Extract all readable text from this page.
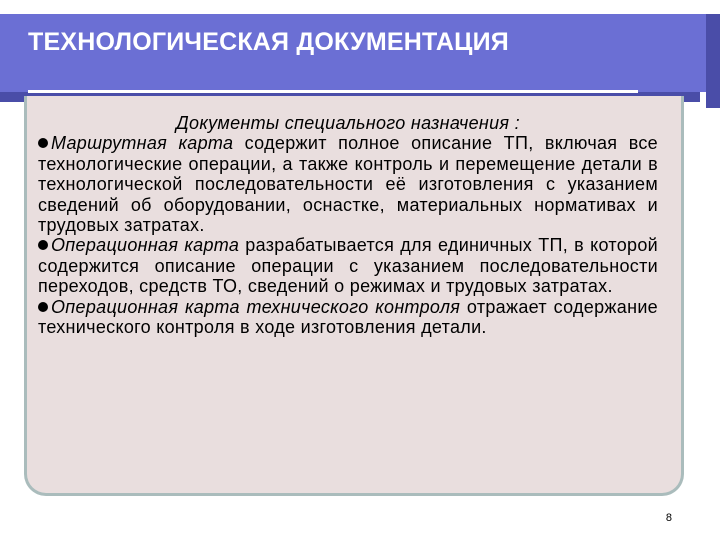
ТЕХНОЛОГИЧЕСКАЯ ДОКУМЕНТАЦИЯ

Документы специального назначения :

Маршрутная карта содержит полное описание ТП, включая все технологические операции, а также контроль и перемещение детали в технологической последовательности её изготовления с указанием сведений об оборудовании, оснастке, материальных нормативах и трудовых затратах.

Операционная карта разрабатывается для единичных ТП, в которой содержится описание операции с указанием последовательности переходов, средств ТО, сведений о режимах и трудовых затратах.

Операционная карта технического контроля отражает содержание технического контроля в ходе изготовления детали.

8
